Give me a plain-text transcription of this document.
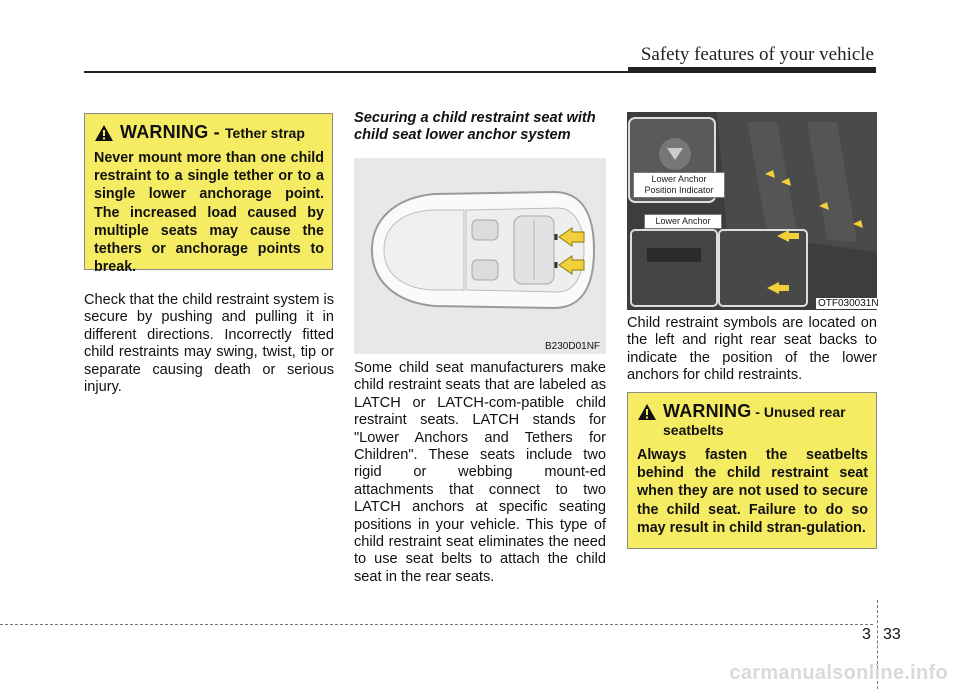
Safety features of your vehicle
WARNING - Tether strap
Never mount more than one child restraint to a single tether or to a single lower anchorage point. The increased load caused by multiple seats may cause the tethers or anchorage points to break.
Check that the child restraint system is secure by pushing and pulling it in different directions. Incorrectly fitted child restraints may swing, twist, tip or separate causing death or serious injury.
Securing a child restraint seat with child seat lower anchor system
B230D01NF
Some child seat manufacturers make child restraint seats that are labeled as LATCH or LATCH-com-patible child restraint seats. LATCH stands for "Lower Anchors and Tethers for Children". These seats include two rigid or webbing mount-ed attachments that connect to two LATCH anchors at specific seating positions in your vehicle. This type of child restraint seat eliminates the need to use seat belts to attach the child seat in the rear seats.
Lower Anchor Position Indicator
Lower Anchor
OTF030031N
Child restraint symbols are located on the left and right rear seat backs to indicate the position of the lower anchors for child restraints.
WARNING - Unused rear seatbelts
Always fasten the seatbelts behind the child restraint seat when they are not used to secure the child seat. Failure to do so may result in child stran-gulation.
3 33
carmanualsonline.info
